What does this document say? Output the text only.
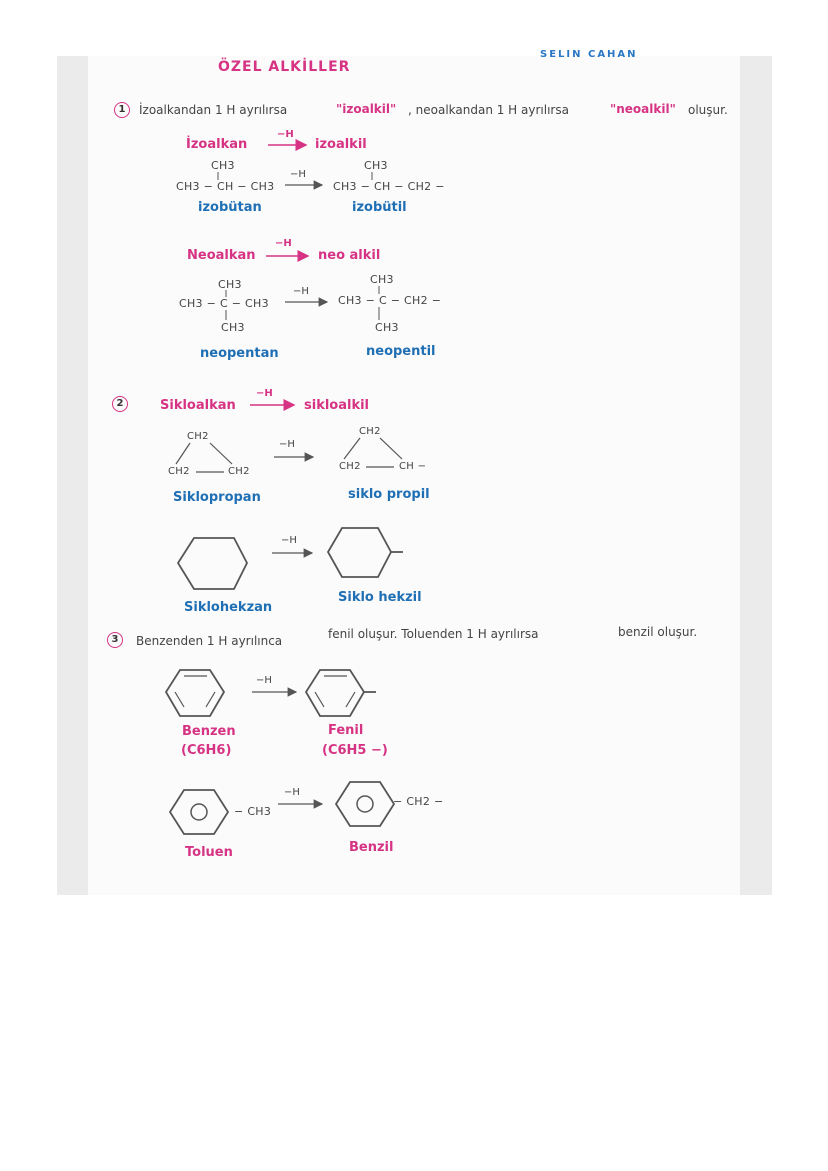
ÖZEL ALKİLLER
SELIN CAHAN
1	İzoalkandan 1 H ayrılırsa	"izoalkil" , neoalkandan 1 H ayrılırsa	"neoalkil" oluşur.
İzoalkan
−H
izoalkil
CH3
CH3 − CH − CH3
−H
CH3
CH3 − CH − CH2 −
izobütan	izobütil
Neoalkan
−H
neo alkil
CH3
CH3 − C − CH3
CH3
−H
CH3
CH3 − C − CH2 −
CH3
neopentan	neopentil
2	Sikloalkan
−H
sikloalkil
CH2
CH2	CH2
−H
CH2
CH2	CH −
Siklopropan	siklo propil
−H
Siklohekzan
Siklo hekzil
3	Benzenden 1 H ayrılınca	fenil oluşur. Toluenden 1 H ayrılırsa	benzil oluşur.
−H
Benzen
(C6H6)
Fenil
(C6H5 −)
− CH3
−H
− CH2 −
Toluen	Benzil
